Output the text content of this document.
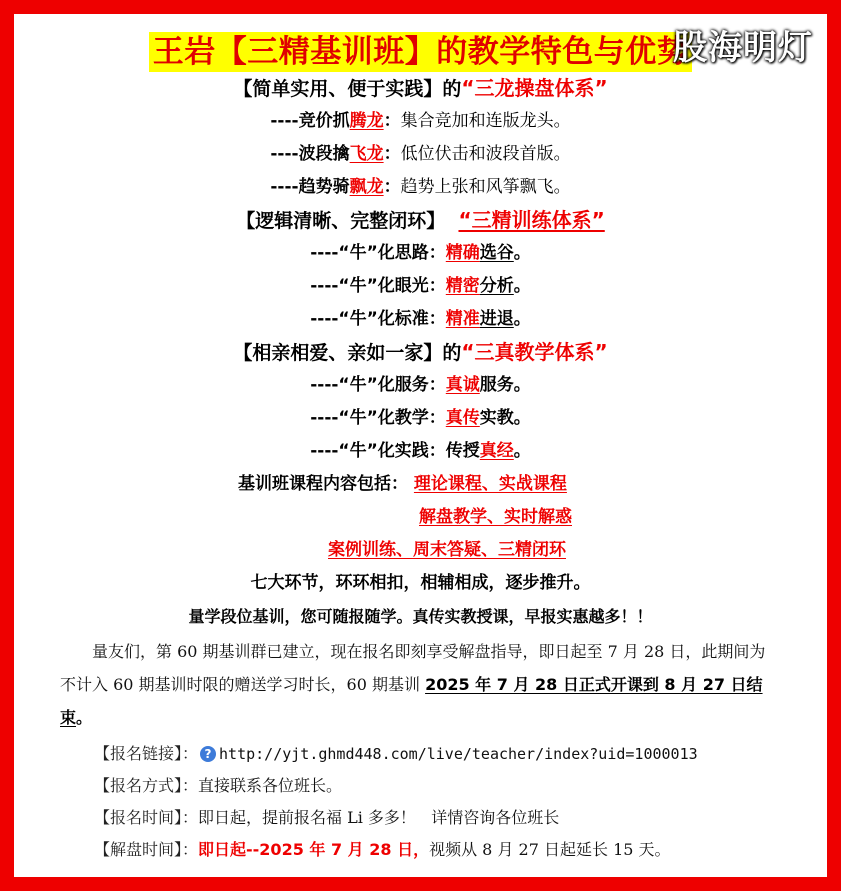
股海明灯
王岩【三精基训班】的教学特色与优势
【简单实用、便于实践】的“三龙操盘体系”
----竞价抓腾龙：集合竞加和连版龙头。
----波段擒飞龙：低位伏击和波段首版。
----趋势骑飘龙：趋势上张和风筝飘飞。
【逻辑清晰、完整闭环】 “三精训练体系”
----“牛”化思路：精确选谷。
----“牛”化眼光：精密分析。
----“牛”化标准：精准进退。
【相亲相爱、亲如一家】的“三真教学体系”
----“牛”化服务：真诚服务。
----“牛”化教学：真传实教。
----“牛”化实践：传授真经。
基训班课程内容包括： 理论课程、实战课程
解盘教学、实时解惑
案例训练、周末答疑、三精闭环
七大环节，环环相扣，相辅相成，逐步推升。
量学段位基训，您可随报随学。真传实教授课，早报实惠越多！！
量友们，第 60 期基训群已建立，现在报名即刻享受解盘指导，即日起至 7 月 28 日，此期间为不计入 60 期基训时限的赠送学习时长，60 期基训 2025 年 7 月 28 日正式开课到 8 月 27 日结束。
【报名链接】： ? http://yjt.ghmd448.com/live/teacher/index?uid=1000013
【报名方式】：直接联系各位班长。
【报名时间】：即日起，提前报名福 Li 多多！   详情咨询各位班长
【解盘时间】：即日起--2025 年 7 月 28 日，视频从 8 月 27 日起延长 15 天。
